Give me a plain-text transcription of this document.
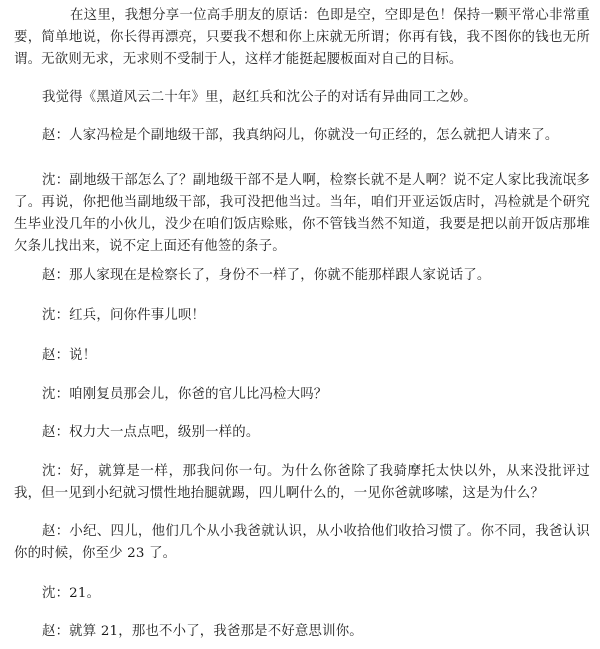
在这里，我想分享一位高手朋友的原话：色即是空，空即是色！保持一颗平常心非常重要，简单地说，你长得再漂亮，只要我不想和你上床就无所谓；你再有钱，我不图你的钱也无所谓。无欲则无求，无求则不受制于人，这样才能挺起腰板面对自己的目标。

我觉得《黑道风云二十年》里，赵红兵和沈公子的对话有异曲同工之妙。

赵：人家冯检是个副地级干部，我真纳闷儿，你就没一句正经的，怎么就把人请来了。

沈：副地级干部怎么了？副地级干部不是人啊，检察长就不是人啊？说不定人家比我流氓多了。再说，你把他当副地级干部，我可没把他当过。当年，咱们开亚运饭店时，冯检就是个研究生毕业没几年的小伙儿，没少在咱们饭店赊账，你不管钱当然不知道，我要是把以前开饭店那堆欠条儿找出来，说不定上面还有他签的条子。

赵：那人家现在是检察长了，身份不一样了，你就不能那样跟人家说话了。

沈：红兵，问你件事儿呗！

赵：说！

沈：咱刚复员那会儿，你爸的官儿比冯检大吗？

赵：权力大一点点吧，级别一样的。

沈：好，就算是一样，那我问你一句。为什么你爸除了我骑摩托太快以外，从来没批评过我，但一见到小纪就习惯性地抬腿就踢，四儿啊什么的，一见你爸就哆嗦，这是为什么？

赵：小纪、四儿，他们几个从小我爸就认识，从小收拾他们收拾习惯了。你不同，我爸认识你的时候，你至少 23 了。

沈：21。

赵：就算 21，那也不小了，我爸那是不好意思训你。
